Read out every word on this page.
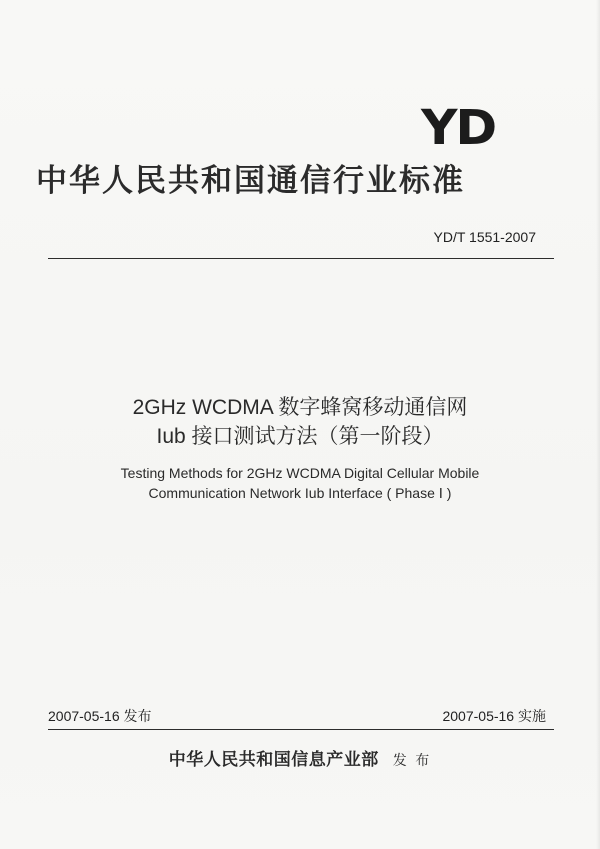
YD
中华人民共和国通信行业标准
YD/T 1551-2007
2GHz WCDMA 数字蜂窝移动通信网
Iub 接口测试方法（第一阶段）
Testing Methods for 2GHz WCDMA Digital Cellular Mobile
Communication Network Iub Interface ( Phase Ⅰ )
2007-05-16 发布	2007-05-16 实施
中华人民共和国信息产业部 发 布
